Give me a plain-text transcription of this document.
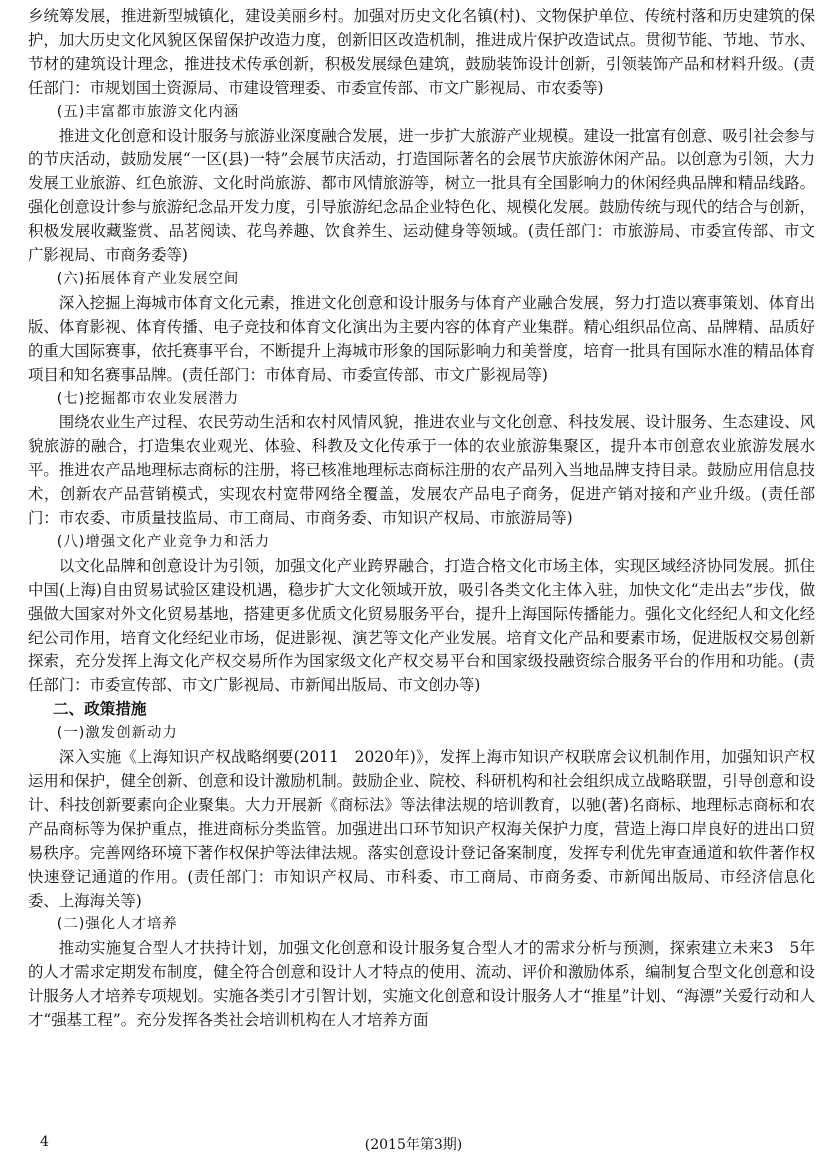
乡统筹发展，推进新型城镇化，建设美丽乡村。加强对历史文化名镇(村)、文物保护单位、传统村落和历史建筑的保护，加大历史文化风貌区保留保护改造力度，创新旧区改造机制，推进成片保护改造试点。贯彻节能、节地、节水、节材的建筑设计理念，推进技术传承创新，积极发展绿色建筑，鼓励装饰设计创新，引领装饰产品和材料升级。(责任部门：市规划国土资源局、市建设管理委、市委宣传部、市文广影视局、市农委等)

(五)丰富都市旅游文化内涵

推进文化创意和设计服务与旅游业深度融合发展，进一步扩大旅游产业规模。建设一批富有创意、吸引社会参与的节庆活动，鼓励发展“一区(县)一特”会展节庆活动，打造国际著名的会展节庆旅游休闲产品。以创意为引领，大力发展工业旅游、红色旅游、文化时尚旅游、都市风情旅游等，树立一批具有全国影响力的休闲经典品牌和精品线路。强化创意设计参与旅游纪念品开发力度，引导旅游纪念品企业特色化、规模化发展。鼓励传统与现代的结合与创新，积极发展收藏鉴赏、品茗阅读、花鸟养趣、饮食养生、运动健身等领域。(责任部门：市旅游局、市委宣传部、市文广影视局、市商务委等)

(六)拓展体育产业发展空间

深入挖掘上海城市体育文化元素，推进文化创意和设计服务与体育产业融合发展，努力打造以赛事策划、体育出版、体育影视、体育传播、电子竞技和体育文化演出为主要内容的体育产业集群。精心组织品位高、品牌精、品质好的重大国际赛事，依托赛事平台，不断提升上海城市形象的国际影响力和美誉度，培育一批具有国际水准的精品体育项目和知名赛事品牌。(责任部门：市体育局、市委宣传部、市文广影视局等)

(七)挖掘都市农业发展潜力

围绕农业生产过程、农民劳动生活和农村风情风貌，推进农业与文化创意、科技发展、设计服务、生态建设、风貌旅游的融合，打造集农业观光、体验、科教及文化传承于一体的农业旅游集聚区，提升本市创意农业旅游发展水平。推进农产品地理标志商标的注册，将已核准地理标志商标注册的农产品列入当地品牌支持目录。鼓励应用信息技术，创新农产品营销模式，实现农村宽带网络全覆盖，发展农产品电子商务，促进产销对接和产业升级。(责任部门：市农委、市质量技监局、市工商局、市商务委、市知识产权局、市旅游局等)

(八)增强文化产业竞争力和活力

以文化品牌和创意设计为引领，加强文化产业跨界融合，打造合格文化市场主体，实现区域经济协同发展。抓住中国(上海)自由贸易试验区建设机遇，稳步扩大文化领域开放，吸引各类文化主体入驻，加快文化“走出去”步伐，做强做大国家对外文化贸易基地，搭建更多优质文化贸易服务平台，提升上海国际传播能力。强化文化经纪人和文化经纪公司作用，培育文化经纪业市场，促进影视、演艺等文化产业发展。培育文化产品和要素市场，促进版权交易创新探索，充分发挥上海文化产权交易所作为国家级文化产权交易平台和国家级投融资综合服务平台的作用和功能。(责任部门：市委宣传部、市文广影视局、市新闻出版局、市文创办等)

二、政策措施
(一)激发创新动力

深入实施《上海知识产权战略纲要(2011　2020年)》，发挥上海市知识产权联席会议机制作用，加强知识产权运用和保护，健全创新、创意和设计激励机制。鼓励企业、院校、科研机构和社会组织成立战略联盟，引导创意和设计、科技创新要素向企业聚集。大力开展新《商标法》等法律法规的培训教育，以驰(著)名商标、地理标志商标和农产品商标等为保护重点，推进商标分类监管。加强进出口环节知识产权海关保护力度，营造上海口岸良好的进出口贸易秩序。完善网络环境下著作权保护等法律法规。落实创意设计登记备案制度，发挥专利优先审查通道和软件著作权快速登记通道的作用。(责任部门：市知识产权局、市科委、市工商局、市商务委、市新闻出版局、市经济信息化委、上海海关等)

(二)强化人才培养

推动实施复合型人才扶持计划，加强文化创意和设计服务复合型人才的需求分析与预测，探索建立未来3　5年的人才需求定期发布制度，健全符合创意和设计人才特点的使用、流动、评价和激励体系，编制复合型文化创意和设计服务人才培养专项规划。实施各类引才引智计划，实施文化创意和设计服务人才“推星”计划、“海漂”关爱行动和人才“强基工程”。充分发挥各类社会培训机构在人才培养方面

(2015年第3期)
4
